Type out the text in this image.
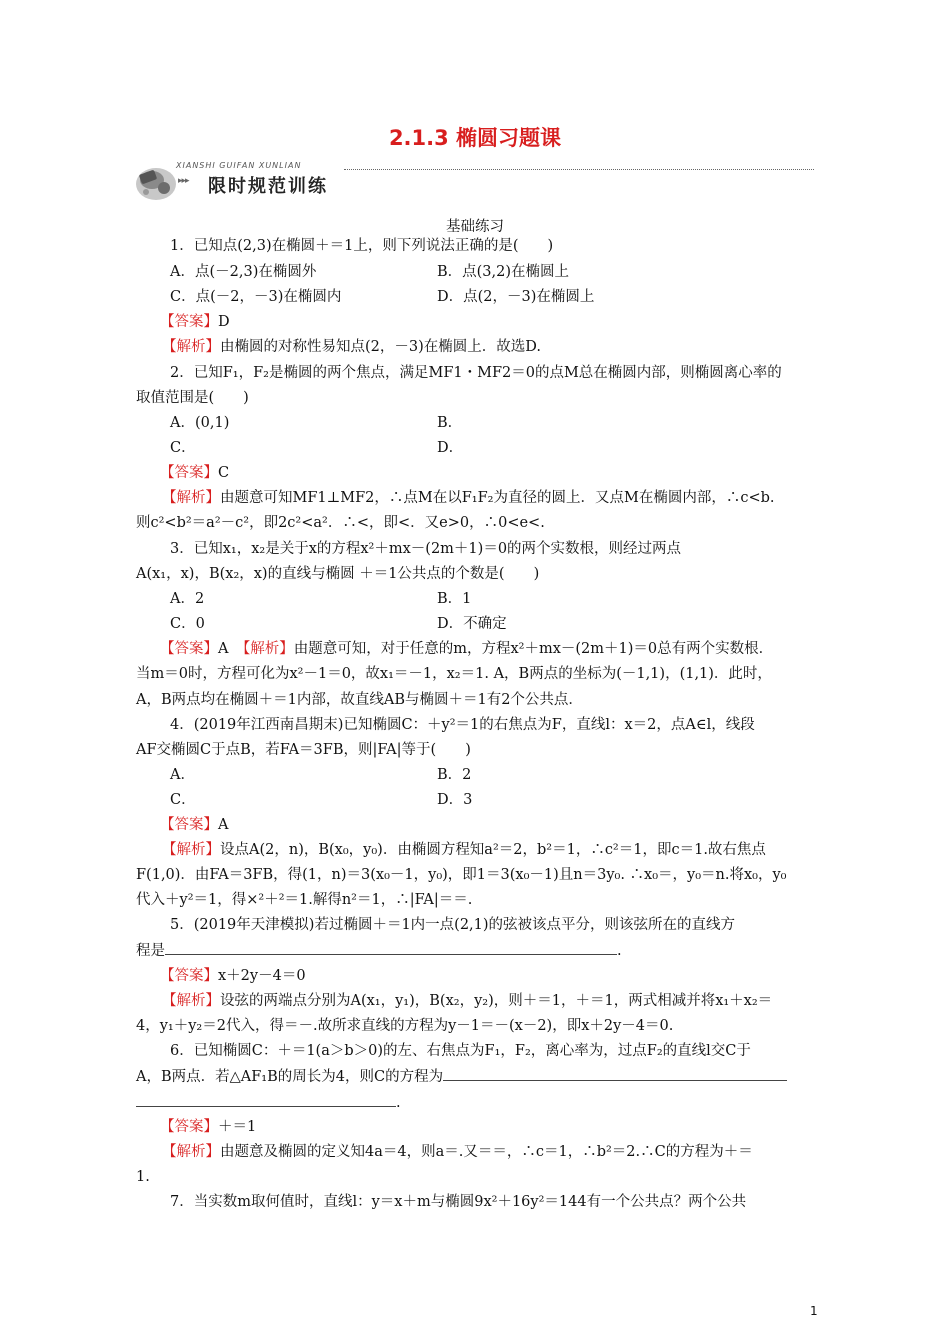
2.1.3 椭圆习题课
XIANSHI GUIFAN XUNLIAN
▸▸▸ 限时规范训练
基础练习
1．已知点(2,3)在椭圆＋＝1上，则下列说法正确的是(　　)
A．点(－2,3)在椭圆外	B．点(3,2)在椭圆上
C．点(－2，－3)在椭圆内	D．点(2，－3)在椭圆上
【答案】D
【解析】由椭圆的对称性易知点(2，－3)在椭圆上．故选D.
2．已知F₁，F₂是椭圆的两个焦点，满足MF1・MF2＝0的点M总在椭圆内部，则椭圆离心率的
取值范围是(　　)
A．(0,1)	B．
C．	D．
【答案】C
【解析】由题意可知MF1⊥MF2，∴点M在以F₁F₂为直径的圆上．又点M在椭圆内部，∴c<b.
则c²<b²＝a²－c²，即2c²<a²．∴<，即<．又e>0，∴0<e<.
3．已知x₁，x₂是关于x的方程x²＋mx－(2m＋1)＝0的两个实数根，则经过两点
A(x₁，x)，B(x₂，x)的直线与椭圆 ＋＝1公共点的个数是(　　)
A．2	B．1
C．0	D．不确定
【答案】A　 【解析】由题意可知，对于任意的m，方程x²＋mx－(2m＋1)＝0总有两个实数根．
当m＝0时，方程可化为x²－1＝0，故x₁＝－1，x₂＝1. A，B两点的坐标为(－1,1)，(1,1)．此时，
A，B两点均在椭圆＋＝1内部，故直线AB与椭圆＋＝1有2个公共点．
4．(2019年江西南昌期末)已知椭圆C：＋y²＝1的右焦点为F，直线l：x＝2，点A∈l，线段
AF交椭圆C于点B，若FA＝3FB，则|FA|等于(　　)
A．	B．2
C．	D．3
【答案】A
【解析】设点A(2，n)，B(x₀，y₀)．由椭圆方程知a²＝2，b²＝1，∴c²＝1，即c＝1.故右焦点
F(1,0)．由FA＝3FB，得(1，n)＝3(x₀－1，y₀)，即1＝3(x₀－1)且n＝3y₀. ∴x₀＝，y₀＝n.将x₀，y₀
代入＋y²＝1，得×²＋²＝1.解得n²＝1，∴|FA|＝＝.
5．(2019年天津模拟)若过椭圆＋＝1内一点(2,1)的弦被该点平分，则该弦所在的直线方
程是	.
【答案】x＋2y－4＝0
【解析】设弦的两端点分别为A(x₁，y₁)，B(x₂，y₂)，则＋＝1，＋＝1，两式相减并将x₁＋x₂＝
4，y₁＋y₂＝2代入，得＝－.故所求直线的方程为y－1＝－(x－2)，即x＋2y－4＝0.
6．已知椭圆C：＋＝1(a＞b＞0)的左、右焦点为F₁，F₂，离心率为，过点F₂的直线l交C于
A，B两点．若△AF₁B的周长为4，则C的方程为
.
【答案】＋＝1
【解析】由题意及椭圆的定义知4a＝4，则a＝.又＝＝，∴c＝1，∴b²＝2.∴C的方程为＋＝
1.
7．当实数m取何值时，直线l：y＝x＋m与椭圆9x²＋16y²＝144有一个公共点？两个公共
1
